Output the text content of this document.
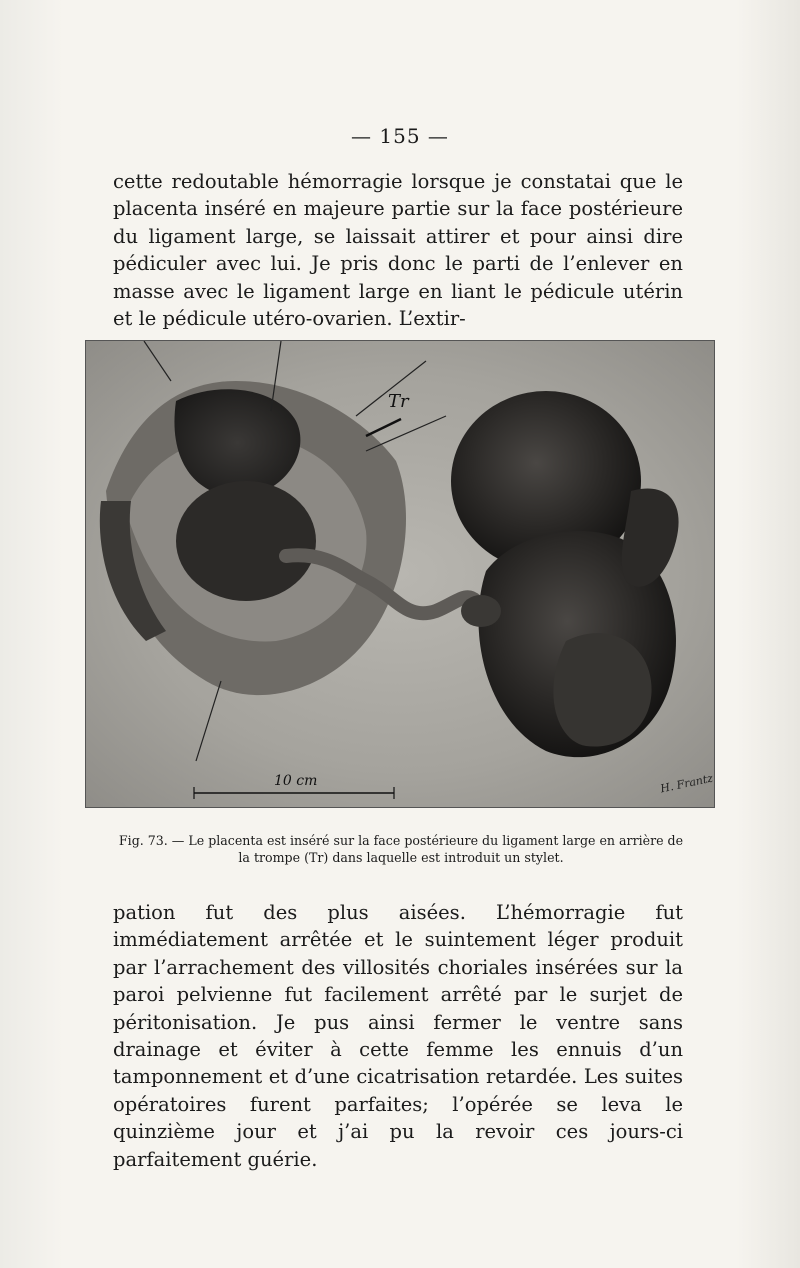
— 155 —

cette redoutable hémorragie lorsque je constatai que le placenta inséré en majeure partie sur la face postérieure du ligament large, se laissait attirer et pour ainsi dire pédiculer avec lui. Je pris donc le parti de l’enlever en masse avec le ligament large en liant le pédicule utérin et le pédicule utéro-ovarien. L’extir-

Tr
10 cm	H. Frantz
Fig. 73. — Le placenta est inséré sur la face postérieure du ligament large en arrière de la trompe (Tr) dans laquelle est introduit un stylet.

pation fut des plus aisées. L’hémorragie fut immédiatement arrêtée et le suintement léger produit par l’arrachement des villosités choriales insérées sur la paroi pelvienne fut facilement arrêté par le surjet de péritonisation. Je pus ainsi fermer le ventre sans drainage et éviter à cette femme les ennuis d’un tamponnement et d’une cicatrisation retardée. Les suites opératoires furent parfaites; l’opérée se leva le quinzième jour et j’ai pu la revoir ces jours-ci parfaitement guérie.
